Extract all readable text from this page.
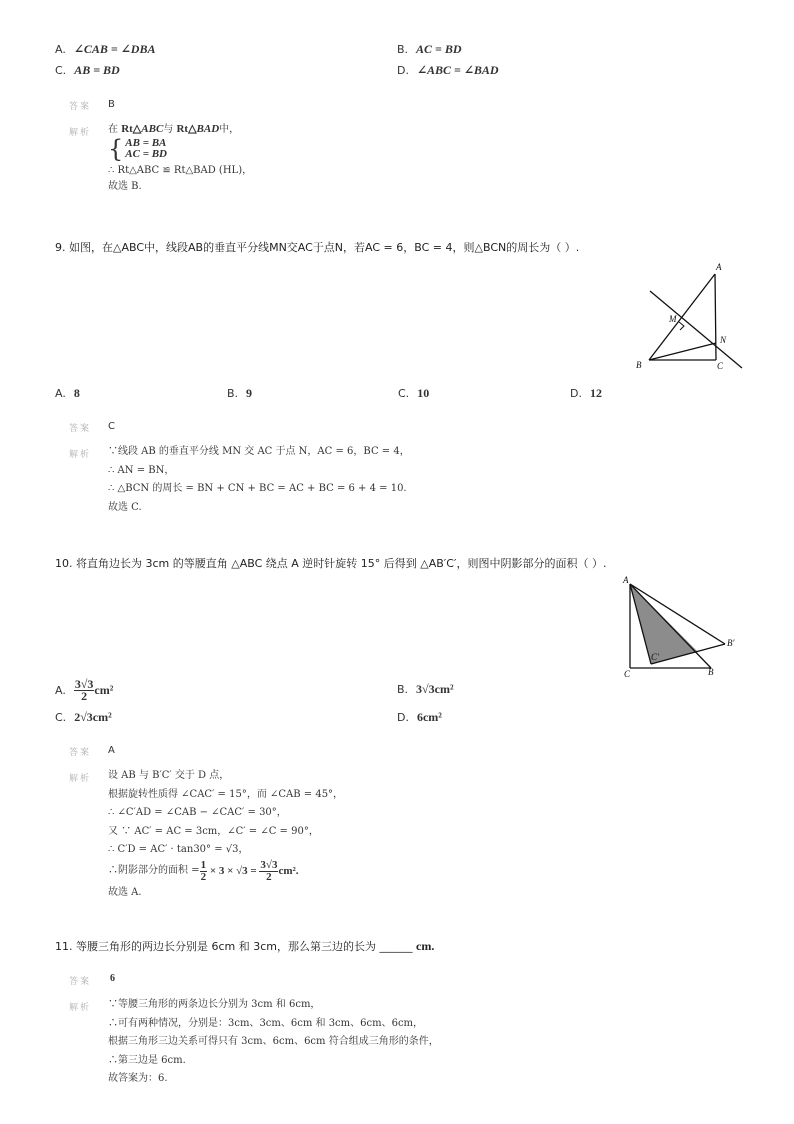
A. ∠CAB = ∠DBA	B. AC = BD
C. AB = BD	D. ∠ABC = ∠BAD
答案 B
解析 在 Rt△ABC与 Rt△BAD中，
{ AB = BA
AC = BD
∴ Rt△ABC ≌ Rt△BAD (HL)，
故选 B.
9. 如图，在△ABC中，线段AB的垂直平分线MN交AC于点N，若AC = 6，BC = 4，则△BCN的周长为（ ）.
A
B	C
M
N
A. 8	B. 9	C. 10	D. 12
答案 C
解析 ∵线段 AB 的垂直平分线 MN 交 AC 于点 N，AC = 6，BC = 4，
∴ AN = BN，
∴ △BCN 的周长 = BN + CN + BC = AC + BC = 6 + 4 = 10.
故选 C.
10. 将直角边长为 3cm 的等腰直角 △ABC 绕点 A 逆时针旋转 15° 后得到 △AB′C′，则图中阴影部分的面积（ ）.
A
C	B
B′
C′
A. $\frac{3√3}{2} cm^2$	B. 3√3cm²
C. 2√3cm²	D. 6cm²
答案 A
解析 设 AB 与 B′C′ 交于 D 点，
根据旋转性质得 ∠CAC′ = 15°，而 ∠CAB = 45°，
∴ ∠C′AD = ∠CAB − ∠CAC′ = 30°，
又 ∵ AC′ = AC = 3cm，∠C′ = ∠C = 90°，
∴ C′D = AC′ · tan30° = √3，
∴阴影部分的面积 = $\frac{1}{2} \times 3 \times √3 = \frac{3√3}{2} cm^2$.
故选 A.
11. 等腰三角形的两边长分别是 6cm 和 3cm，那么第三边的长为 ______ cm.
答案 6
解析 ∵等腰三角形的两条边长分别为 3cm 和 6cm，
∴可有两种情况，分别是：3cm、3cm、6cm 和 3cm、6cm、6cm，
根据三角形三边关系可得只有 3cm、6cm、6cm 符合组成三角形的条件，
∴第三边是 6cm.
故答案为：6.
